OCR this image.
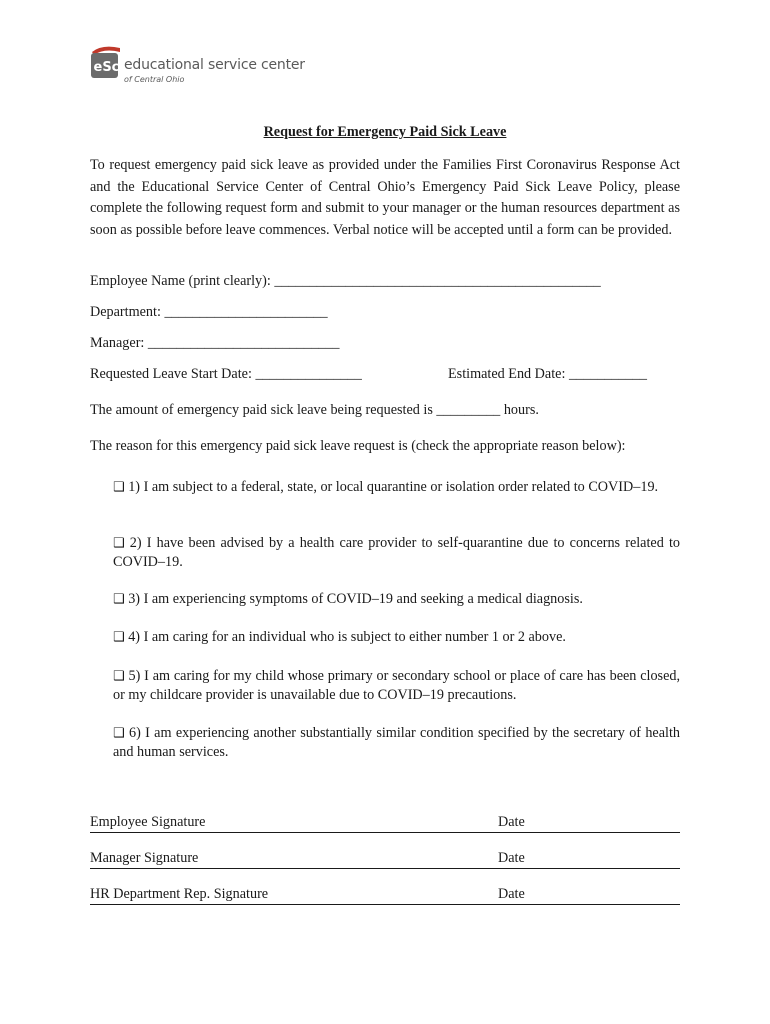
eSc educational service center
of Central Ohio
Request for Emergency Paid Sick Leave
To request emergency paid sick leave as provided under the Families First Coronavirus Response Act and the Educational Service Center of Central Ohio’s Emergency Paid Sick Leave Policy, please complete the following request form and submit to your manager or the human resources department as soon as possible before leave commences. Verbal notice will be accepted until a form can be provided.
Employee Name (print clearly): ______________________________________________
Department: _______________________
Manager: ___________________________
Requested Leave Start Date: _______________	Estimated End Date: ___________
The amount of emergency paid sick leave being requested is _________ hours.
The reason for this emergency paid sick leave request is (check the appropriate reason below):
❑ 1) I am subject to a federal, state, or local quarantine or isolation order related to COVID–19.
❑ 2) I have been advised by a health care provider to self-quarantine due to concerns related to COVID–19.
❑ 3) I am experiencing symptoms of COVID–19 and seeking a medical diagnosis.
❑ 4) I am caring for an individual who is subject to either number 1 or 2 above.
❑ 5) I am caring for my child whose primary or secondary school or place of care has been closed, or my childcare provider is unavailable due to COVID–19 precautions.
❑ 6) I am experiencing another substantially similar condition specified by the secretary of health and human services.
Employee Signature	Date
Manager Signature	Date
HR Department Rep. Signature	Date
